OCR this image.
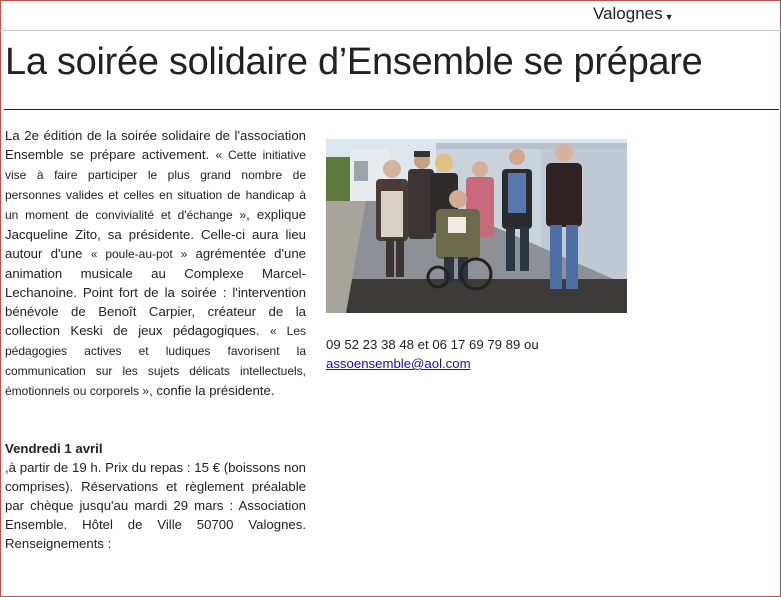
Valognes ▼
La soirée solidaire d’Ensemble se prépare

La 2e édition de la soirée solidaire de l'association Ensemble se prépare activement. « Cette initiative vise à faire participer le plus grand nombre de personnes valides et celles en situation de handicap à un moment de convivialité et d'échange », explique Jacqueline Zito, sa présidente. Celle-ci aura lieu autour d'une « poule-au-pot » agrémentée d'une animation musicale au Complexe Marcel-Lechanoine. Point fort de la soirée : l'intervention bénévole de Benoît Carpier, créateur de la collection Keski de jeux pédagogiques. « Les pédagogies actives et ludiques favorisent la communication sur les sujets délicats intellectuels, émotionnels ou corporels », confie la présidente.

Vendredi 1 avril

,à partir de 19 h. Prix du repas : 15 € (boissons non comprises). Réservations et règlement préalable par chèque jusqu'au mardi 29 mars : Association Ensemble. Hôtel de Ville 50700 Valognes. Renseignements :

09 52 23 38 48 et 06 17 69 79 89 ou
assoensemble@aol.com
